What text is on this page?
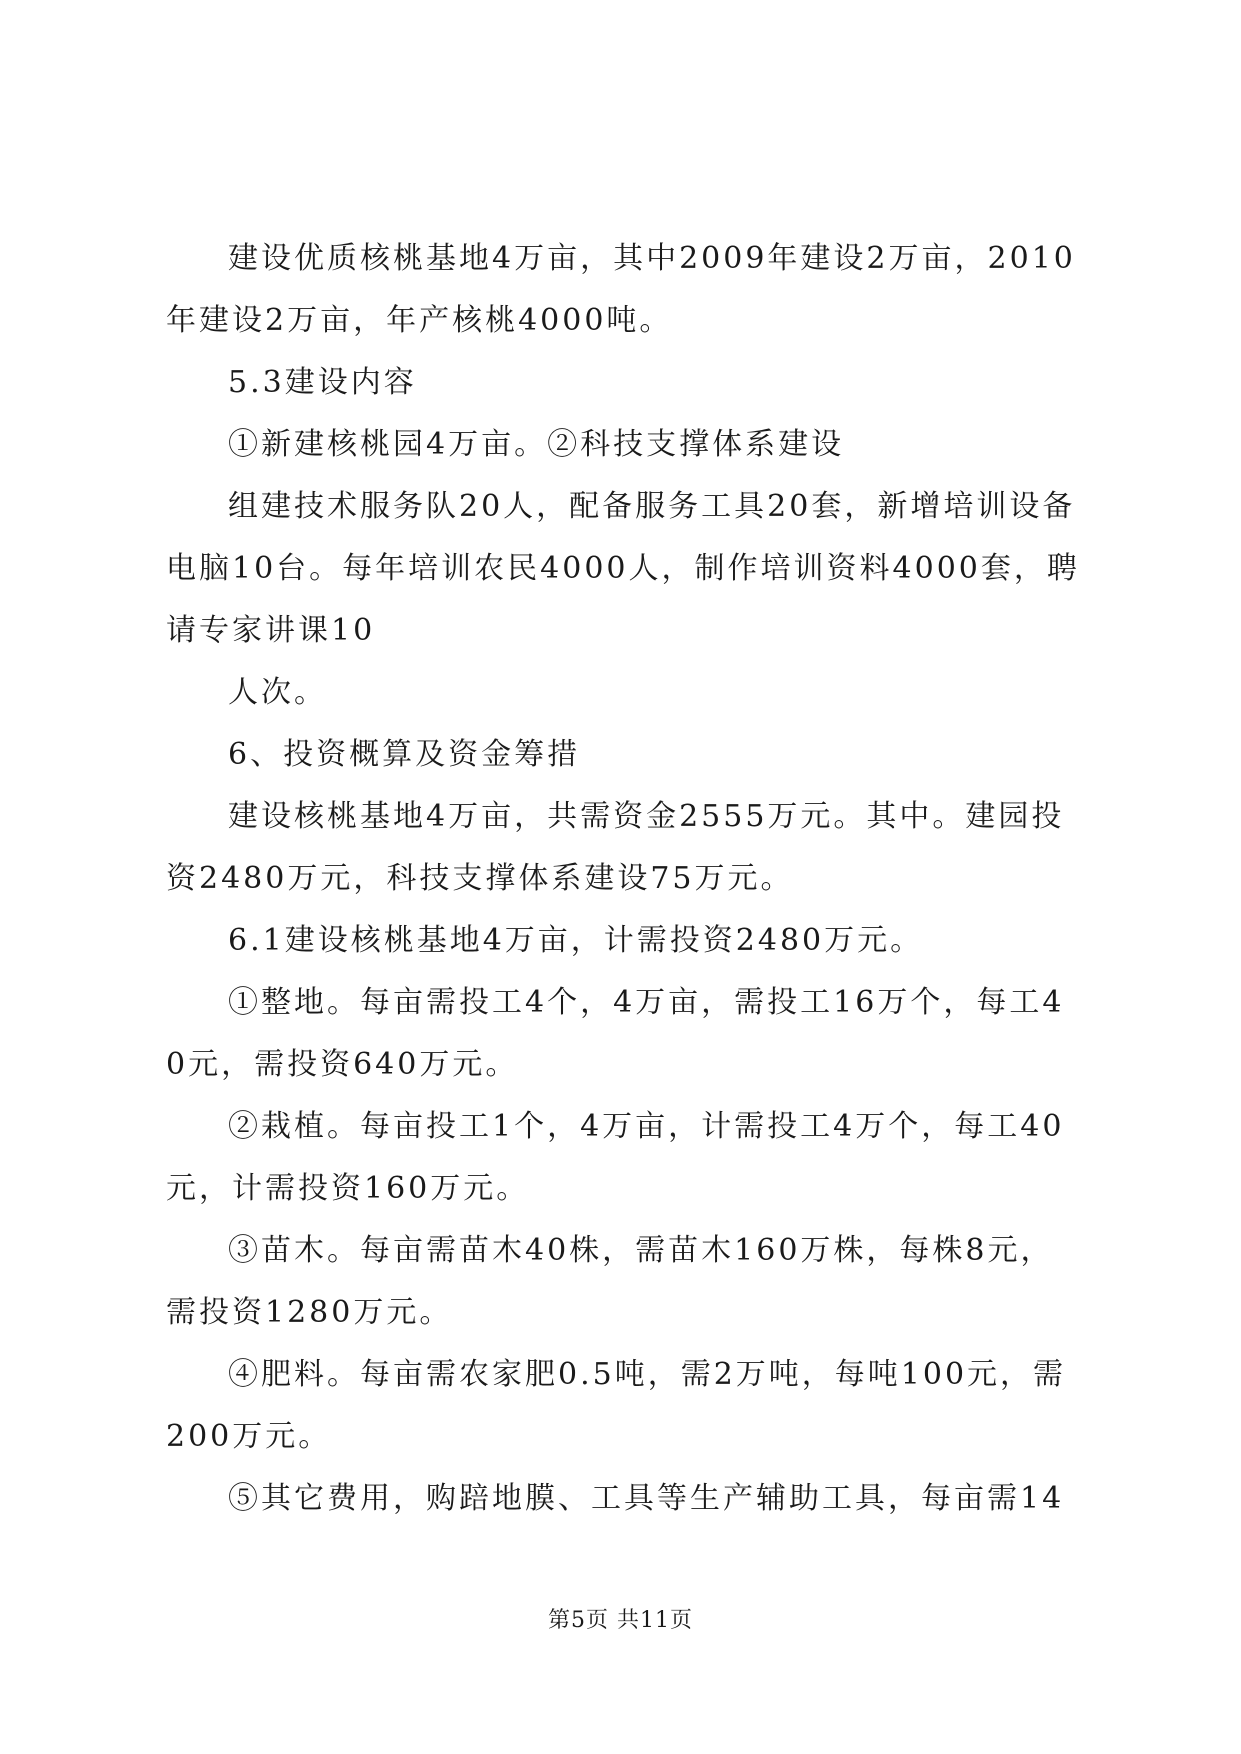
建设优质核桃基地4万亩，其中2009年建设2万亩，2010年建设2万亩，年产核桃4000吨。

5.3建设内容

①新建核桃园4万亩。②科技支撑体系建设

组建技术服务队20人，配备服务工具20套，新增培训设备电脑10台。每年培训农民4000人，制作培训资料4000套，聘请专家讲课10

人次。

6、投资概算及资金筹措

建设核桃基地4万亩，共需资金2555万元。其中。建园投资2480万元，科技支撑体系建设75万元。

6.1建设核桃基地4万亩，计需投资2480万元。

①整地。每亩需投工4个，4万亩，需投工16万个，每工40元，需投资640万元。

②栽植。每亩投工1个，4万亩，计需投工4万个，每工40元，计需投资160万元。

③苗木。每亩需苗木40株，需苗木160万株，每株8元，需投资1280万元。

④肥料。每亩需农家肥0.5吨，需2万吨，每吨100元，需200万元。

⑤其它费用，购踣地膜、工具等生产辅助工具，每亩需14

第5页 共11页
